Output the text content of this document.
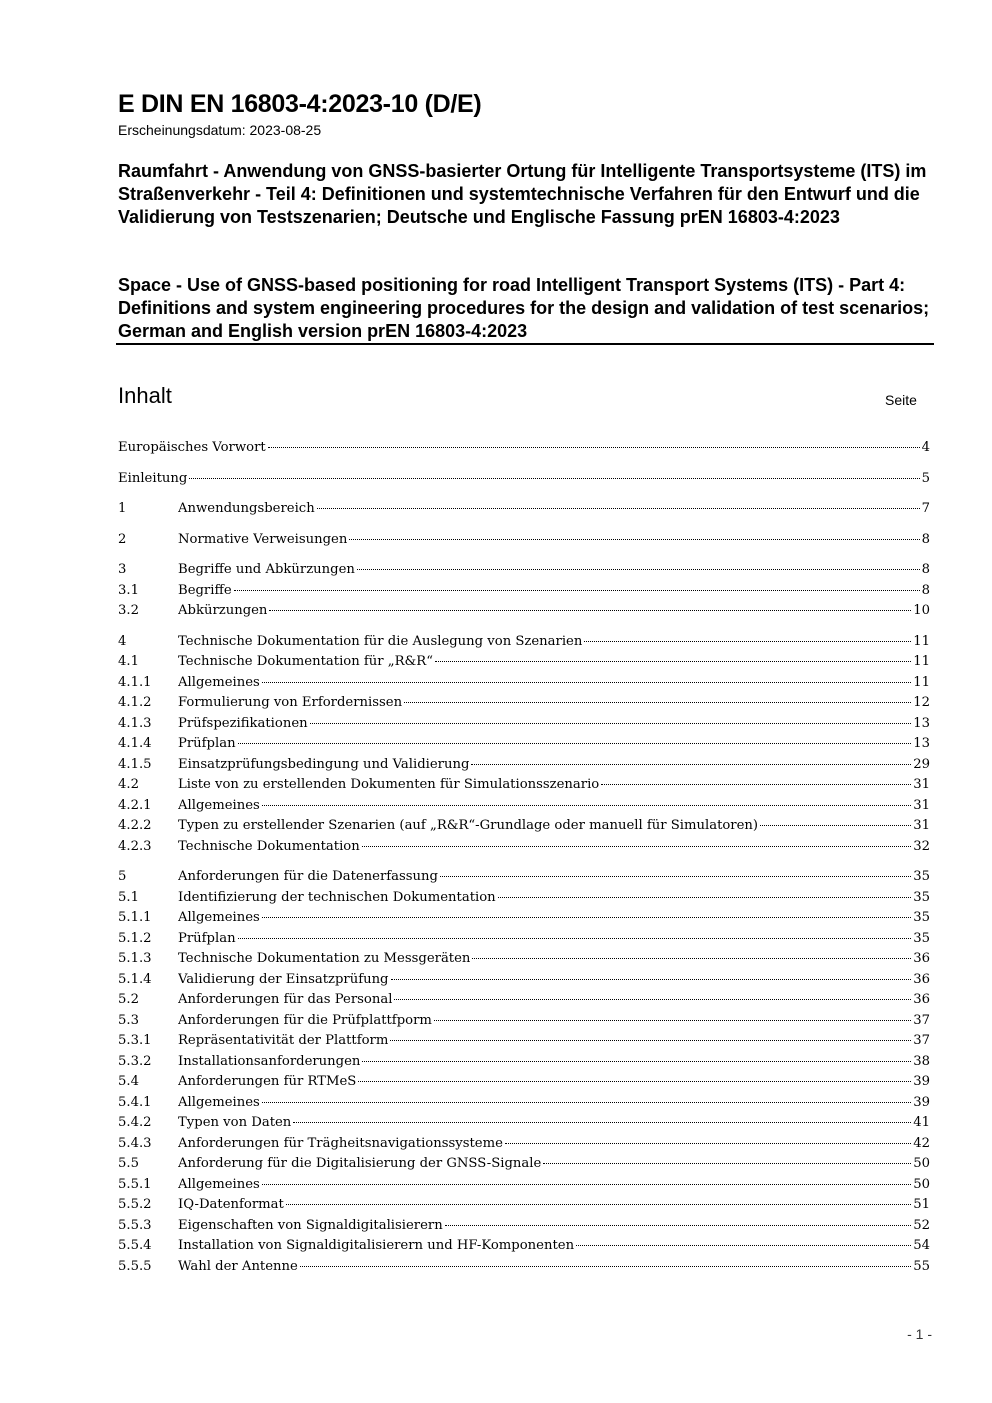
E DIN EN 16803-4:2023-10 (D/E)
Erscheinungsdatum: 2023-08-25

Raumfahrt - Anwendung von GNSS-basierter Ortung für Intelligente Transportsysteme (ITS) im Straßenverkehr - Teil 4: Definitionen und systemtechnische Verfahren für den Entwurf und die Validierung von Testszenarien; Deutsche und Englische Fassung prEN 16803-4:2023

Space - Use of GNSS-based positioning for road Intelligent Transport Systems (ITS) - Part 4: Definitions and system engineering procedures for the design and validation of test scenarios; German and English version prEN 16803-4:2023

Inhalt	Seite
Europäisches Vorwort	4
Einleitung	5
1	Anwendungsbereich	7
2	Normative Verweisungen	8
3	Begriffe und Abkürzungen	8
3.1	Begriffe	8
3.2	Abkürzungen	10
4	Technische Dokumentation für die Auslegung von Szenarien	11
4.1	Technische Dokumentation für „R&R“	11
4.1.1	Allgemeines	11
4.1.2	Formulierung von Erfordernissen	12
4.1.3	Prüfspezifikationen	13
4.1.4	Prüfplan	13
4.1.5	Einsatzprüfungsbedingung und Validierung	29
4.2	Liste von zu erstellenden Dokumenten für Simulationsszenario	31
4.2.1	Allgemeines	31
4.2.2	Typen zu erstellender Szenarien (auf „R&R“-Grundlage oder manuell für Simulatoren)	31
4.2.3	Technische Dokumentation	32
5	Anforderungen für die Datenerfassung	35
5.1	Identifizierung der technischen Dokumentation	35
5.1.1	Allgemeines	35
5.1.2	Prüfplan	35
5.1.3	Technische Dokumentation zu Messgeräten	36
5.1.4	Validierung der Einsatzprüfung	36
5.2	Anforderungen für das Personal	36
5.3	Anforderungen für die Prüfplattfporm	37
5.3.1	Repräsentativität der Plattform	37
5.3.2	Installationsanforderungen	38
5.4	Anforderungen für RTMeS	39
5.4.1	Allgemeines	39
5.4.2	Typen von Daten	41
5.4.3	Anforderungen für Trägheitsnavigationssysteme	42
5.5	Anforderung für die Digitalisierung der GNSS-Signale	50
5.5.1	Allgemeines	50
5.5.2	IQ-Datenformat	51
5.5.3	Eigenschaften von Signaldigitalisierern	52
5.5.4	Installation von Signaldigitalisierern und HF-Komponenten	54
5.5.5	Wahl der Antenne	55
- 1 -
